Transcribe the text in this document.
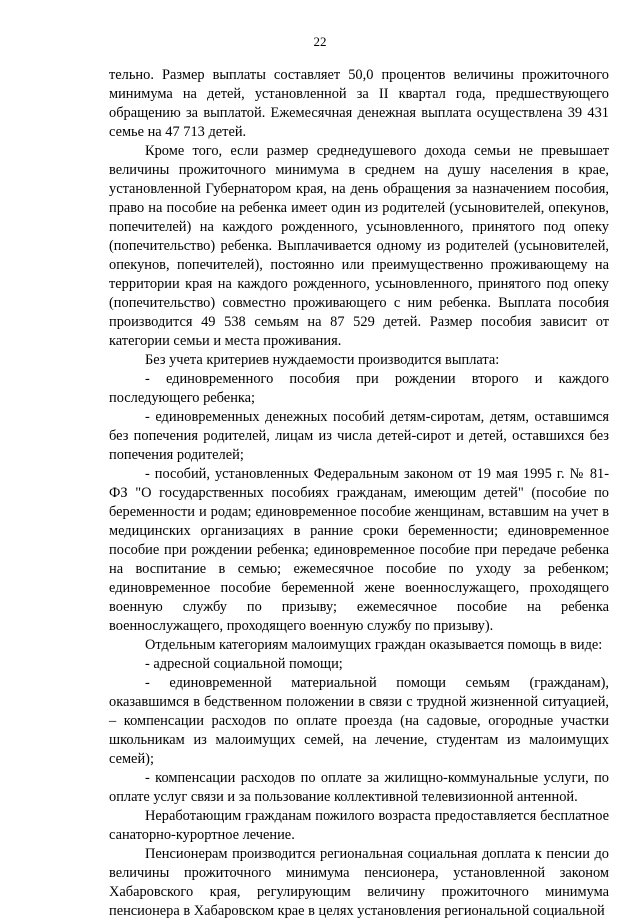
22

тельно. Размер выплаты составляет 50,0 процентов величины прожиточного минимума на детей, установленной за II квартал года, предшествующего обращению за выплатой. Ежемесячная денежная выплата осуществлена 39 431 семье на 47 713 детей.

Кроме того, если размер среднедушевого дохода семьи не превышает величины прожиточного минимума в среднем на душу населения в крае, установленной Губернатором края, на день обращения за назначением пособия, право на пособие на ребенка имеет один из родителей (усыновителей, опекунов, попечителей) на каждого рожденного, усыновленного, принятого под опеку (попечительство) ребенка. Выплачивается одному из родителей (усыновителей, опекунов, попечителей), постоянно или преимущественно проживающему на территории края на каждого рожденного, усыновленного, принятого под опеку (попечительство) совместно проживающего с ним ребенка. Выплата пособия производится 49 538 семьям на 87 529 детей. Размер пособия зависит от категории семьи и места проживания.

Без учета критериев нуждаемости производится выплата:

- единовременного пособия при рождении второго и каждого последующего ребенка;

- единовременных денежных пособий детям-сиротам, детям, оставшимся без попечения родителей, лицам из числа детей-сирот и детей, оставшихся без попечения родителей;

- пособий, установленных Федеральным законом от 19 мая 1995 г. № 81-ФЗ "О государственных пособиях гражданам, имеющим детей" (пособие по беременности и родам; единовременное пособие женщинам, вставшим на учет в медицинских организациях в ранние сроки беременности; единовременное пособие при рождении ребенка; единовременное пособие при передаче ребенка на воспитание в семью; ежемесячное пособие по уходу за ребенком; единовременное пособие беременной жене военнослужащего, проходящего военную службу по призыву; ежемесячное пособие на ребенка военнослужащего, проходящего военную службу по призыву).

Отдельным категориям малоимущих граждан оказывается помощь в виде:

- адресной социальной помощи;

- единовременной материальной помощи семьям (гражданам), оказавшимся в бедственном положении в связи с трудной жизненной ситуацией, – компенсации расходов по оплате проезда (на садовые, огородные участки школьникам из малоимущих семей, на лечение, студентам из малоимущих семей);

- компенсации расходов по оплате за жилищно-коммунальные услуги, по оплате услуг связи и за пользование коллективной телевизионной антенной.

Неработающим гражданам пожилого возраста предоставляется бесплатное санаторно-курортное лечение.

Пенсионерам производится региональная социальная доплата к пенсии до величины прожиточного минимума пенсионера, установленной законом Хабаровского края, регулирующим величину прожиточного минимума пенсионера в Хабаровском крае в целях установления региональной социальной
